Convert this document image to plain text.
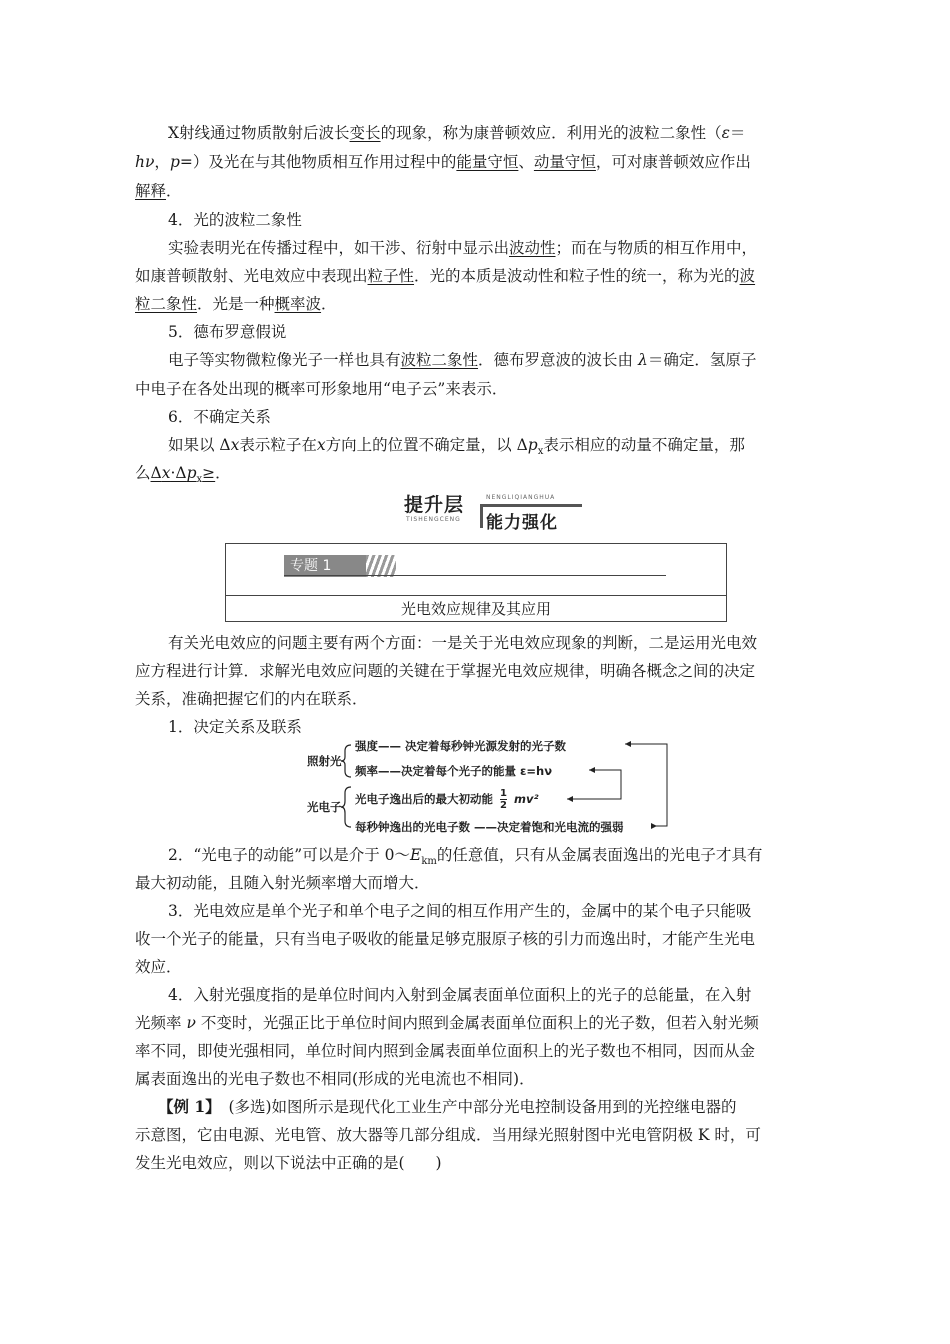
X射线通过物质散射后波长变长的现象，称为康普顿效应．利用光的波粒二象性（ε＝
hν，p=）及光在与其他物质相互作用过程中的能量守恒、动量守恒，可对康普顿效应作出
解释．
4．光的波粒二象性
实验表明光在传播过程中，如干涉、衍射中显示出波动性；而在与物质的相互作用中，
如康普顿散射、光电效应中表现出粒子性．光的本质是波动性和粒子性的统一，称为光的波
粒二象性．光是一种概率波．
5．德布罗意假说
电子等实物微粒像光子一样也具有波粒二象性．德布罗意波的波长由 λ＝确定．氢原子
中电子在各处出现的概率可形象地用“电子云”来表示．
6．不确定关系
如果以 Δx表示粒子在x方向上的位置不确定量，以 $\Delta p_x$表示相应的动量不确定量，那
么$\Delta x\cdot\Delta p_x\ge$．
提升层	NENGLIQIANGHUA
TISHENGCENG 能力强化
专题 1
光电效应规律及其应用
有关光电效应的问题主要有两个方面：一是关于光电效应现象的判断，二是运用光电效
应方程进行计算．求解光电效应问题的关键在于掌握光电效应规律，明确各概念之间的决定
关系，准确把握它们的内在联系．
1．决定关系及联系
照射光
强度—— 决定着每秒钟光源发射的光子数
频率——决定着每个光子的能量 ε=hν
光电子
光电子逸出后的最大初动能 $\frac{1}{2} mv^2$
每秒钟逸出的光电子数 ——决定着饱和光电流的强弱
2．“光电子的动能”可以是介于 $0\sim E_{km}$的任意值，只有从金属表面逸出的光电子才具有
最大初动能，且随入射光频率增大而增大．
3．光电效应是单个光子和单个电子之间的相互作用产生的，金属中的某个电子只能吸
收一个光子的能量，只有当电子吸收的能量足够克服原子核的引力而逸出时，才能产生光电
效应．
4．入射光强度指的是单位时间内入射到金属表面单位面积上的光子的总能量，在入射
光频率 ν 不变时，光强正比于单位时间内照到金属表面单位面积上的光子数，但若入射光频
率不同，即使光强相同，单位时间内照到金属表面单位面积上的光子数也不相同，因而从金
属表面逸出的光电子数也不相同(形成的光电流也不相同)．
【例 1】　(多选)如图所示是现代化工业生产中部分光电控制设备用到的光控继电器的
示意图，它由电源、光电管、放大器等几部分组成．当用绿光照射图中光电管阴极 K 时，可
发生光电效应，则以下说法中正确的是(　　)
